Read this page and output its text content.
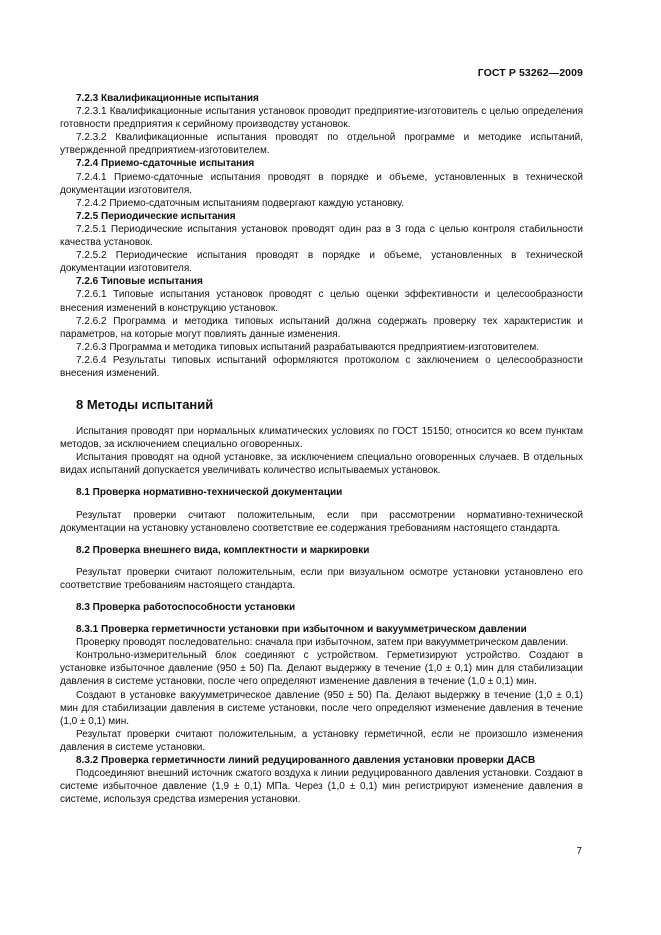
ГОСТ Р 53262—2009
7.2.3 Квалификационные испытания

7.2.3.1 Квалификационные испытания установок проводит предприятие-изготовитель с целью определения готовности предприятия к серийному производству установок.

7.2.3.2 Квалификационные испытания проводят по отдельной программе и методике испытаний, утвержденной предприятием-изготовителем.

7.2.4 Приемо-сдаточные испытания

7.2.4.1 Приемо-сдаточные испытания проводят в порядке и объеме, установленных в технической документации изготовителя.

7.2.4.2 Приемо-сдаточным испытаниям подвергают каждую установку.

7.2.5 Периодические испытания

7.2.5.1 Периодические испытания установок проводят один раз в 3 года с целью контроля стабильности качества установок.

7.2.5.2 Периодические испытания проводят в порядке и объеме, установленных в технической документации изготовителя.

7.2.6 Типовые испытания

7.2.6.1 Типовые испытания установок проводят с целью оценки эффективности и целесообразности внесения изменений в конструкцию установок.

7.2.6.2 Программа и методика типовых испытаний должна содержать проверку тех характеристик и параметров, на которые могут повлиять данные изменения.

7.2.6.3 Программа и методика типовых испытаний разрабатываются предприятием-изготовителем.

7.2.6.4 Результаты типовых испытаний оформляются протоколом с заключением о целесообразности внесения изменений.

8 Методы испытаний

Испытания проводят при нормальных климатических условиях по ГОСТ 15150; относится ко всем пунктам методов, за исключением специально оговоренных.

Испытания проводят на одной установке, за исключением специально оговоренных случаев. В отдельных видах испытаний допускается увеличивать количество испытываемых установок.

8.1 Проверка нормативно-технической документации

Результат проверки считают положительным, если при рассмотрении нормативно-технической документации на установку установлено соответствие ее содержания требованиям настоящего стандарта.

8.2 Проверка внешнего вида, комплектности и маркировки

Результат проверки считают положительным, если при визуальном осмотре установки установлено его соответствие требованиям настоящего стандарта.

8.3 Проверка работоспособности установки
8.3.1 Проверка герметичности установки при избыточном и вакуумметрическом давлении

Проверку проводят последовательно: сначала при избыточном, затем при вакуумметрическом давлении.

Контрольно-измерительный блок соединяют с устройством. Герметизируют устройство. Создают в установке избыточное давление (950 ± 50) Па. Делают выдержку в течение (1,0 ± 0,1) мин для стабилизации давления в системе установки, после чего определяют изменение давления в течение (1,0 ± 0,1) мин.

Создают в установке вакуумметрическое давление (950 ± 50) Па. Делают выдержку в течение (1,0 ± 0,1) мин для стабилизации давления в системе установки, после чего определяют изменение давления в течение (1,0 ± 0,1) мин.

Результат проверки считают положительным, а установку герметичной, если не произошло изменения давления в системе установки.

8.3.2 Проверка герметичности линий редуцированного давления установки проверки ДАСВ

Подсоединяют внешний источник сжатого воздуха к линии редуцированного давления установки. Создают в системе избыточное давление (1,9 ± 0,1) МПа. Через (1,0 ± 0,1) мин регистрируют изменение давления в системе, используя средства измерения установки.

7
